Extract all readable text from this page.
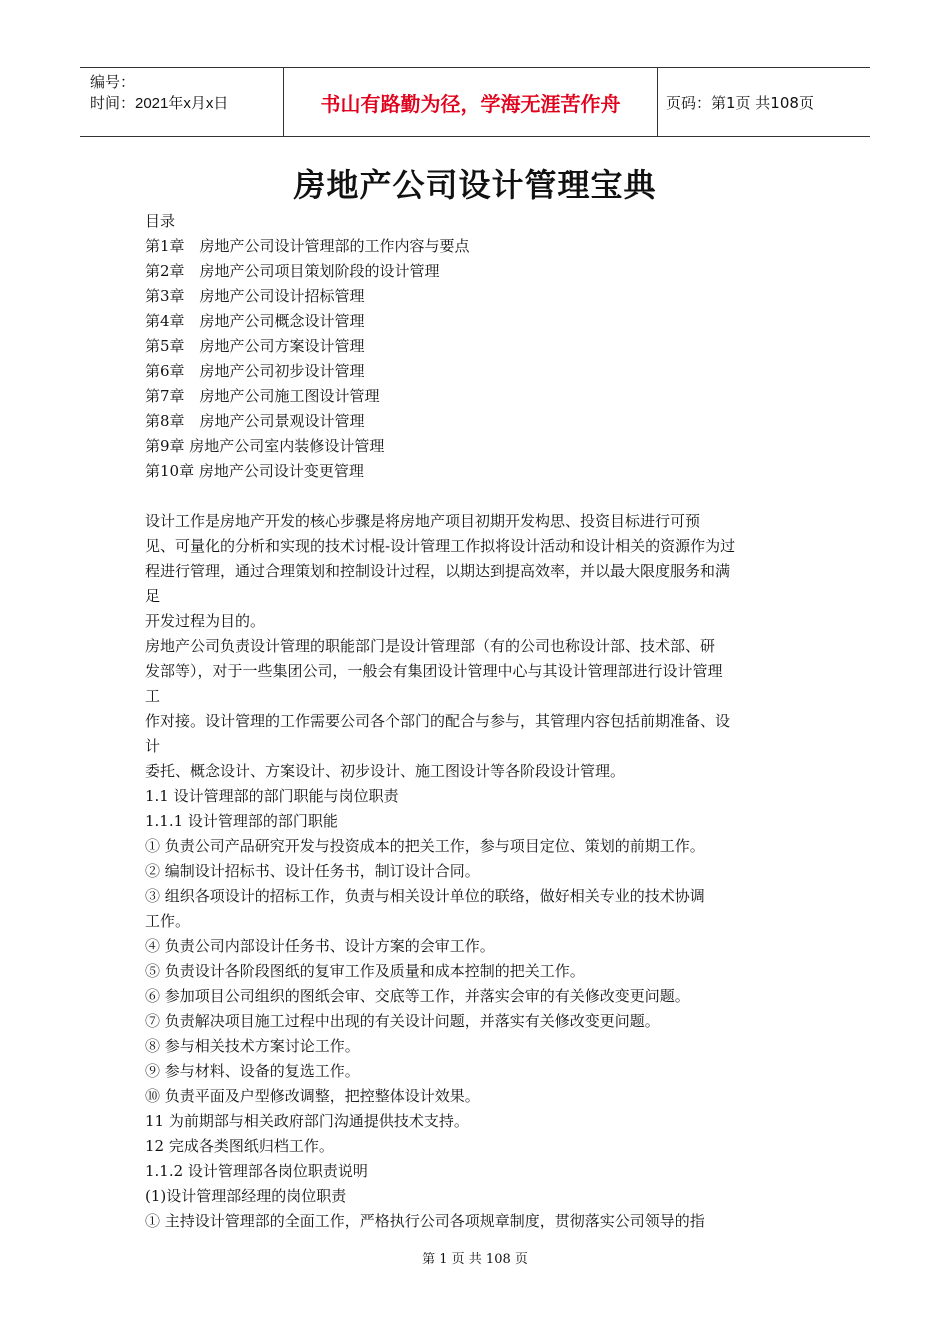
编号：
时间：2021年x月x日	书山有路勤为径，学海无涯苦作舟	页码：第1页 共108页
房地产公司设计管理宝典
目录
第1章　房地产公司设计管理部的工作内容与要点
第2章　房地产公司项目策划阶段的设计管理
第3章　房地产公司设计招标管理
第4章　房地产公司概念设计管理
第5章　房地产公司方案设计管理
第6章　房地产公司初步设计管理
第7章　房地产公司施工图设计管理
第8章　房地产公司景观设计管理
第9章 房地产公司室内装修设计管理
第10章 房地产公司设计变更管理
设计工作是房地产开发的核心步骤是将房地产项目初期开发构思、投资目标进行可预
见、可量化的分析和实现的技术讨棍-设计管理工作拟将设计活动和设计相关的资源作为过
程进行管理，通过合理策划和控制设计过程，以期达到提高效率，并以最大限度服务和满
足
开发过程为目的。
房地产公司负责设计管理的职能部门是设计管理部（有的公司也称设计部、技术部、研
发部等），对于一些集团公司，一般会有集团设计管理中心与其设计管理部进行设计管理
工
作对接。设计管理的工作需要公司各个部门的配合与参与，其管理内容包括前期准备、设
计
委托、概念设计、方案设计、初步设计、施工图设计等各阶段设计管理。
1.1 设计管理部的部门职能与岗位职责
1.1.1 设计管理部的部门职能
① 负责公司产品研究开发与投资成本的把关工作，参与项目定位、策划的前期工作。
② 编制设计招标书、设计任务书，制订设计合同。
③ 组织各项设计的招标工作，负责与相关设计单位的联络，做好相关专业的技术协调
工作。
④ 负责公司内部设计任务书、设计方案的会审工作。
⑤ 负责设计各阶段图纸的复审工作及质量和成本控制的把关工作。
⑥ 参加项目公司组织的图纸会审、交底等工作，并落实会审的有关修改变更问题。
⑦ 负责解决项目施工过程中出现的有关设计问题，并落实有关修改变更问题。
⑧ 参与相关技术方案讨论工作。
⑨ 参与材料、设备的复选工作。
⑩ 负责平面及户型修改调整，把控整体设计效果。
11 为前期部与相关政府部门沟通提供技术支持。
12 完成各类图纸归档工作。
1.1.2 设计管理部各岗位职责说明
(1)设计管理部经理的岗位职责
① 主持设计管理部的全面工作，严格执行公司各项规章制度，贯彻落实公司领导的指
第 1 页 共 108 页
